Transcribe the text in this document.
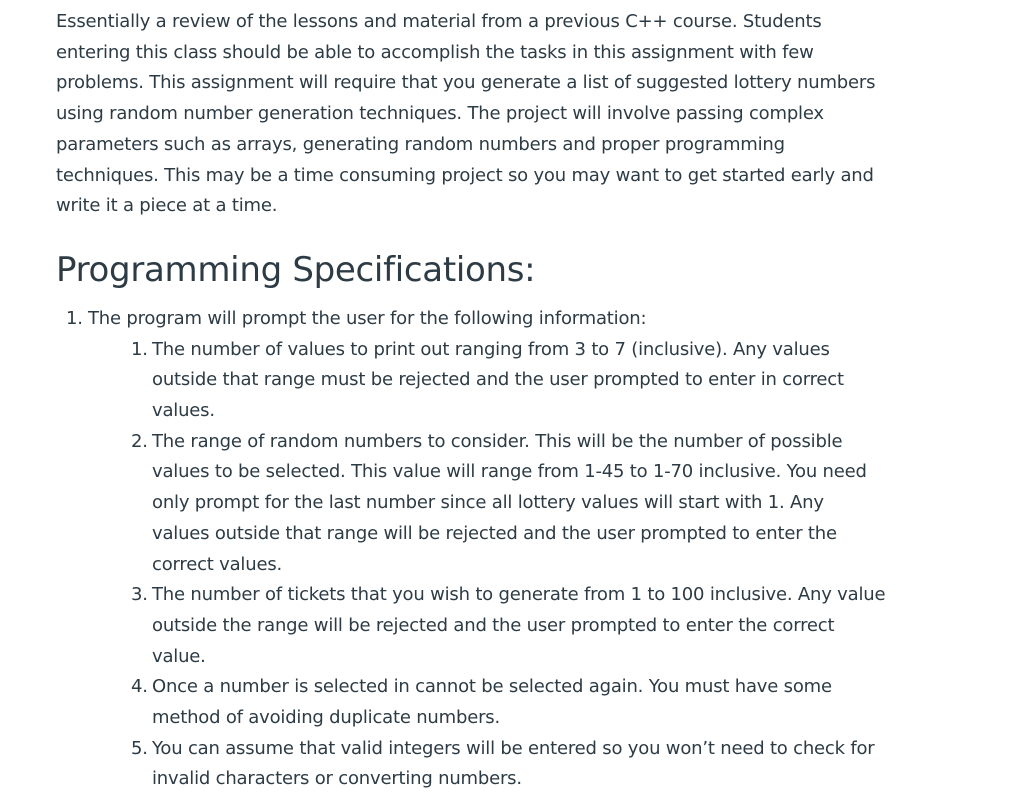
Essentially a review of the lessons and material from a previous C++ course. Students entering this class should be able to accomplish the tasks in this assignment with few problems. This assignment will require that you generate a list of suggested lottery numbers using random number generation techniques. The project will involve passing complex parameters such as arrays, generating random numbers and proper programming techniques. This may be a time consuming project so you may want to get started early and write it a piece at a time.

Programming Specifications:
1. The program will prompt the user for the following information:
1. The number of values to print out ranging from 3 to 7 (inclusive). Any values outside that range must be rejected and the user prompted to enter in correct values.
2. The range of random numbers to consider. This will be the number of possible values to be selected. This value will range from 1-45 to 1-70 inclusive. You need only prompt for the last number since all lottery values will start with 1. Any values outside that range will be rejected and the user prompted to enter the correct values.
3. The number of tickets that you wish to generate from 1 to 100 inclusive. Any value outside the range will be rejected and the user prompted to enter the correct value.
4. Once a number is selected in cannot be selected again. You must have some method of avoiding duplicate numbers.
5. You can assume that valid integers will be entered so you won’t need to check for invalid characters or converting numbers.
